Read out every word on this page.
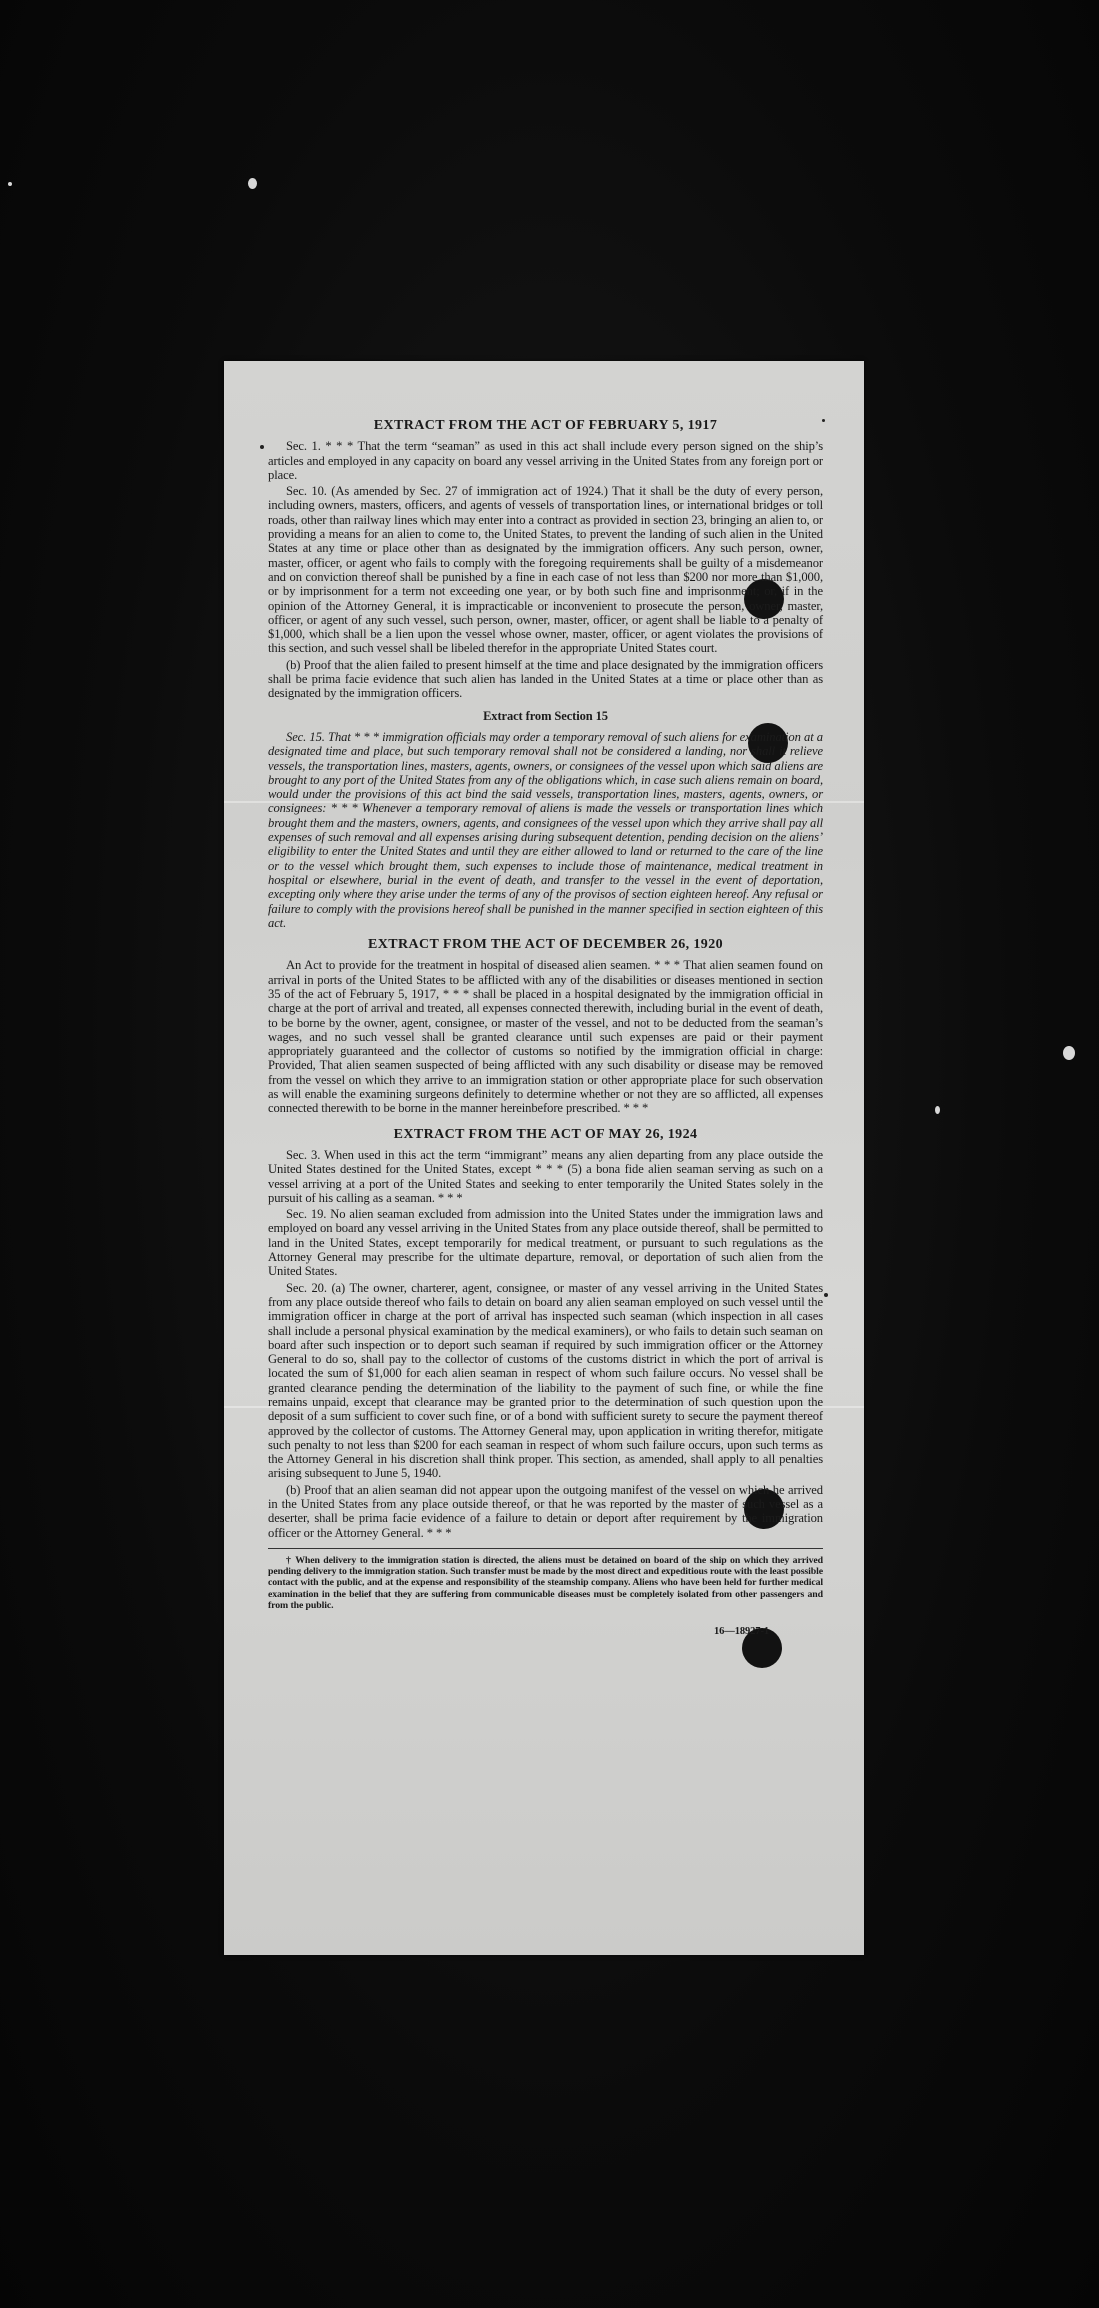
EXTRACT FROM THE ACT OF FEBRUARY 5, 1917

Sec. 1. * * * That the term “seaman” as used in this act shall include every person signed on the ship’s articles and employed in any capacity on board any vessel arriving in the United States from any foreign port or place.

Sec. 10. (As amended by Sec. 27 of immigration act of 1924.) That it shall be the duty of every person, including owners, masters, officers, and agents of vessels of transportation lines, or international bridges or toll roads, other than railway lines which may enter into a contract as provided in section 23, bringing an alien to, or providing a means for an alien to come to, the United States, to prevent the landing of such alien in the United States at any time or place other than as designated by the immigration officers. Any such person, owner, master, officer, or agent who fails to comply with the foregoing requirements shall be guilty of a misdemeanor and on conviction thereof shall be punished by a fine in each case of not less than $200 nor more than $1,000, or by imprisonment for a term not exceeding one year, or by both such fine and imprisonment; or, if in the opinion of the Attorney General, it is impracticable or inconvenient to prosecute the person, owner, master, officer, or agent of any such vessel, such person, owner, master, officer, or agent shall be liable to a penalty of $1,000, which shall be a lien upon the vessel whose owner, master, officer, or agent violates the provisions of this section, and such vessel shall be libeled therefor in the appropriate United States court.

(b) Proof that the alien failed to present himself at the time and place designated by the immigration officers shall be prima facie evidence that such alien has landed in the United States at a time or place other than as designated by the immigration officers.

Extract from Section 15

Sec. 15. That * * * immigration officials may order a temporary removal of such aliens for examination at a designated time and place, but such temporary removal shall not be considered a landing, nor shall it relieve vessels, the transportation lines, masters, agents, owners, or consignees of the vessel upon which said aliens are brought to any port of the United States from any of the obligations which, in case such aliens remain on board, would under the provisions of this act bind the said vessels, transportation lines, masters, agents, owners, or consignees: * * * Whenever a temporary removal of aliens is made the vessels or transportation lines which brought them and the masters, owners, agents, and consignees of the vessel upon which they arrive shall pay all expenses of such removal and all expenses arising during subsequent detention, pending decision on the aliens’ eligibility to enter the United States and until they are either allowed to land or returned to the care of the line or to the vessel which brought them, such expenses to include those of maintenance, medical treatment in hospital or elsewhere, burial in the event of death, and transfer to the vessel in the event of deportation, excepting only where they arise under the terms of any of the provisos of section eighteen hereof. Any refusal or failure to comply with the provisions hereof shall be punished in the manner specified in section eighteen of this act.

EXTRACT FROM THE ACT OF DECEMBER 26, 1920

An Act to provide for the treatment in hospital of diseased alien seamen. * * * That alien seamen found on arrival in ports of the United States to be afflicted with any of the disabilities or diseases mentioned in section 35 of the act of February 5, 1917, * * * shall be placed in a hospital designated by the immigration official in charge at the port of arrival and treated, all expenses connected therewith, including burial in the event of death, to be borne by the owner, agent, consignee, or master of the vessel, and not to be deducted from the seaman’s wages, and no such vessel shall be granted clearance until such expenses are paid or their payment appropriately guaranteed and the collector of customs so notified by the immigration official in charge: Provided, That alien seamen suspected of being afflicted with any such disability or disease may be removed from the vessel on which they arrive to an immigration station or other appropriate place for such observation as will enable the examining surgeons definitely to determine whether or not they are so afflicted, all expenses connected therewith to be borne in the manner hereinbefore prescribed. * * *

EXTRACT FROM THE ACT OF MAY 26, 1924

Sec. 3. When used in this act the term “immigrant” means any alien departing from any place outside the United States destined for the United States, except * * * (5) a bona fide alien seaman serving as such on a vessel arriving at a port of the United States and seeking to enter temporarily the United States solely in the pursuit of his calling as a seaman. * * *

Sec. 19. No alien seaman excluded from admission into the United States under the immigration laws and employed on board any vessel arriving in the United States from any place outside thereof, shall be permitted to land in the United States, except temporarily for medical treatment, or pursuant to such regulations as the Attorney General may prescribe for the ultimate departure, removal, or deportation of such alien from the United States.

Sec. 20. (a) The owner, charterer, agent, consignee, or master of any vessel arriving in the United States from any place outside thereof who fails to detain on board any alien seaman employed on such vessel until the immigration officer in charge at the port of arrival has inspected such seaman (which inspection in all cases shall include a personal physical examination by the medical examiners), or who fails to detain such seaman on board after such inspection or to deport such seaman if required by such immigration officer or the Attorney General to do so, shall pay to the collector of customs of the customs district in which the port of arrival is located the sum of $1,000 for each alien seaman in respect of whom such failure occurs. No vessel shall be granted clearance pending the determination of the liability to the payment of such fine, or while the fine remains unpaid, except that clearance may be granted prior to the determination of such question upon the deposit of a sum sufficient to cover such fine, or of a bond with sufficient surety to secure the payment thereof approved by the collector of customs. The Attorney General may, upon application in writing therefor, mitigate such penalty to not less than $200 for each seaman in respect of whom such failure occurs, upon such terms as the Attorney General in his discretion shall think proper. This section, as amended, shall apply to all penalties arising subsequent to June 5, 1940.

(b) Proof that an alien seaman did not appear upon the outgoing manifest of the vessel on which he arrived in the United States from any place outside thereof, or that he was reported by the master of such vessel as a deserter, shall be prima facie evidence of a failure to detain or deport after requirement by the immigration officer or the Attorney General. * * *

† When delivery to the immigration station is directed, the aliens must be detained on board of the ship on which they arrived pending delivery to the immigration station. Such transfer must be made by the most direct and expeditious route with the least possible contact with the public, and at the expense and responsibility of the steamship company. Aliens who have been held for further medical examination in the belief that they are suffering from communicable diseases must be completely isolated from other passengers and from the public.

16—18927-1
